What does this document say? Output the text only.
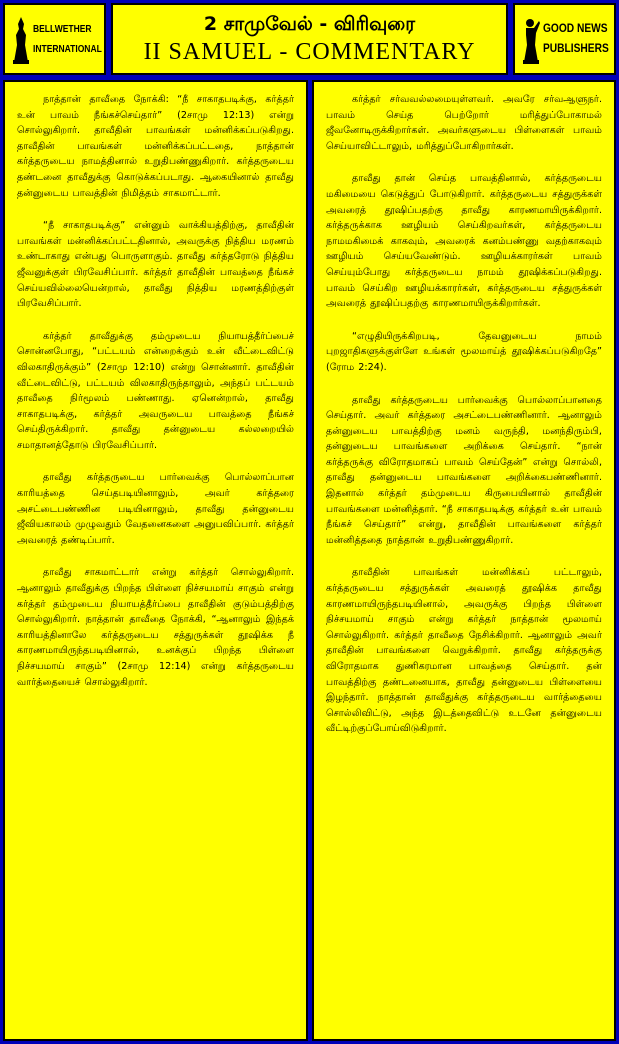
BELLWETHER
INTERNATIONAL
2 சாமுவேல் - விரிவுரை
II SAMUEL - COMMENTARY
GOOD NEWS
PUBLISHERS

நாத்தான் தாவீதை நோக்கி: “நீ சாகாதபடிக்கு, கர்த்தர் உன் பாவம் நீங்கச்செய்தார்” (2சாமு 12:13) என்று சொல்லுகிறார். தாவீதின் பாவங்கள் மன்னிக்கப்படுகிறது. தாவீதின் பாவங்கள் மன்னிக்கப்பட்டதை, நாத்தான் கர்த்தருடைய நாமத்தினால் உறுதிபண்ணுகிறார். கர்த்தருடைய தண்டனை தாவீதுக்கு கொடுக்கப்படாது. ஆகையினால் தாவீது தன்னுடைய பாவத்தின் நிமித்தம் சாகமாட்டார்.

“நீ சாகாதபடிக்கு” என்னும் வாக்கியத்திற்கு, தாவீதின் பாவங்கள் மன்னிக்கப்பட்டதினால், அவருக்கு நித்திய மரணம் உண்டாகாது என்பது பொருளாகும். தாவீது கர்த்தரோடு நித்திய ஜீவனுக்குள் பிரவேசிப்பார். கர்த்தர் தாவீதின் பாவத்தை நீங்கச் செய்யவில்லையென்றால், தாவீது நித்திய மரணத்திற்குள் பிரவேசிப்பார்.

கர்த்தர் தாவீதுக்கு தம்முடைய நியாயத்தீர்ப்பைச் சொன்னபோது, “பட்டயம் என்றைக்கும் உன் வீட்டைவிட்டு விலகாதிருக்கும்” (2சாமு 12:10) என்று சொன்னார். தாவீதின் வீட்டைவிட்டு, பட்டயம் விலகாதிருந்தாலும், அந்தப் பட்டயம் தாவீதை நிர்மூலம் பண்ணாது. ஏனென்றால், தாவீது சாகாதபடிக்கு, கர்த்தர் அவருடைய பாவத்தை நீங்கச் செய்திருக்கிறார். தாவீது தன்னுடைய கல்லறையில் சமாதானத்தோடு பிரவேசிப்பார்.

தாவீது கர்த்தருடைய பார்வைக்கு பொல்லாப்பான காரியத்தை செய்தபடியினாலும், அவர் கர்த்தரை அசட்டைபண்ணின படியினாலும், தாவீது தன்னுடைய ஜீவியகாலம் முழுவதும் வேதனைகளை அனுபவிப்பார். கர்த்தர் அவரைத் தண்டிப்பார்.

தாவீது சாகமாட்டார் என்று கர்த்தர் சொல்லுகிறார். ஆனாலும் தாவீதுக்கு பிறந்த பிள்ளை நிச்சயமாய் சாகும் என்று கர்த்தர் தம்முடைய நியாயத்தீர்ப்பை தாவீதின் குடும்பத்திற்கு சொல்லுகிறார். நாத்தான் தாவீதை நோக்கி, “ஆனாலும் இந்தக் காரியத்தினாலே கர்த்தருடைய சத்துருக்கள் தூஷிக்க நீ காரணமாயிருந்தபடியினால், உனக்குப் பிறந்த பிள்ளை நிச்சயமாய் சாகும்” (2சாமு 12:14) என்று கர்த்தருடைய வார்த்தையைச் சொல்லுகிறார்.

கர்த்தர் சர்வவல்லமையுள்ளவர். அவரே சர்வஆளுநர். பாவம் செய்த பெற்றோர் மரித்துப்போகாமல் ஜீவனோடிருக்கிறார்கள். அவர்களுடைய பிள்ளைகள் பாவம் செய்யாவிட்டாலும், மரித்துப்போகிறார்கள்.

தாவீது தான் செய்த பாவத்தினால், கர்த்தருடைய மகிமையை கெடுத்துப் போடுகிறார். கர்த்தருடைய சத்துருக்கள் அவரைத் தூஷிப்பதற்கு தாவீது காரணமாயிருக்கிறார். கர்த்தருக்காக ஊழியம் செய்கிறவர்கள், கர்த்தருடைய நாமமகிமைக் காகவும், அவரைக் கனம்பண்ணு வதற்காகவும் ஊழியம் செய்யவேண்டும். ஊழியக்காரர்கள் பாவம் செய்யும்போது கர்த்தருடைய நாமம் தூஷிக்கப்படுகிறது. பாவம் செய்கிற ஊழியக்காரர்கள், கர்த்தருடைய சத்துருக்கள் அவரைத் தூஷிப்பதற்கு காரணமாயிருக்கிறார்கள்.

“எழுதியிருக்கிறபடி, தேவனுடைய நாமம் புறஜாதிகளுக்குள்ளே உங்கள் மூலமாய்த் தூஷிக்கப்படுகிறதே” (ரோம 2:24).

தாவீது கர்த்தருடைய பார்வைக்கு பொல்லாப்பானதை செய்தார். அவர் கர்த்தரை அசட்டைபண்ணினார். ஆனாலும் தன்னுடைய பாவத்திற்கு மனம் வருந்தி, மனந்திரும்பி, தன்னுடைய பாவங்களை அறிக்கை செய்தார். “நான் கர்த்தருக்கு விரோதமாகப் பாவம் செய்தேன்” என்று சொல்லி, தாவீது தன்னுடைய பாவங்களை அறிக்கைபண்ணினார். இதனால் கர்த்தர் தம்முடைய கிருபையினால் தாவீதின் பாவங்களை மன்னித்தார். “நீ சாகாதபடிக்கு கர்த்தர் உன் பாவம் நீங்கச் செய்தார்” என்று, தாவீதின் பாவங்களை கர்த்தர் மன்னித்ததை நாத்தான் உறுதிபண்ணுகிறார்.

தாவீதின் பாவங்கள் மன்னிக்கப் பட்டாலும், கர்த்தருடைய சத்துருக்கள் அவரைத் தூஷிக்க தாவீது காரணமாயிருந்தபடியினால், அவருக்கு பிறந்த பிள்ளை நிச்சயமாய் சாகும் என்று கர்த்தர் நாத்தான் மூலமாய் சொல்லுகிறார். கர்த்தர் தாவீதை நேசிக்கிறார். ஆனாலும் அவர் தாவீதின் பாவங்களை வெறுக்கிறார். தாவீது கர்த்தருக்கு விரோதமாக துணிகரமான பாவத்தை செய்தார். தன் பாவத்திற்கு தண்டனையாக, தாவீது தன்னுடைய பிள்ளையை இழந்தார். நாத்தான் தாவீதுக்கு கர்த்தருடைய வார்த்தையை சொல்லிவிட்டு, அந்த இடத்தைவிட்டு உடனே தன்னுடைய வீட்டிற்குப்போய்விடுகிறார்.
